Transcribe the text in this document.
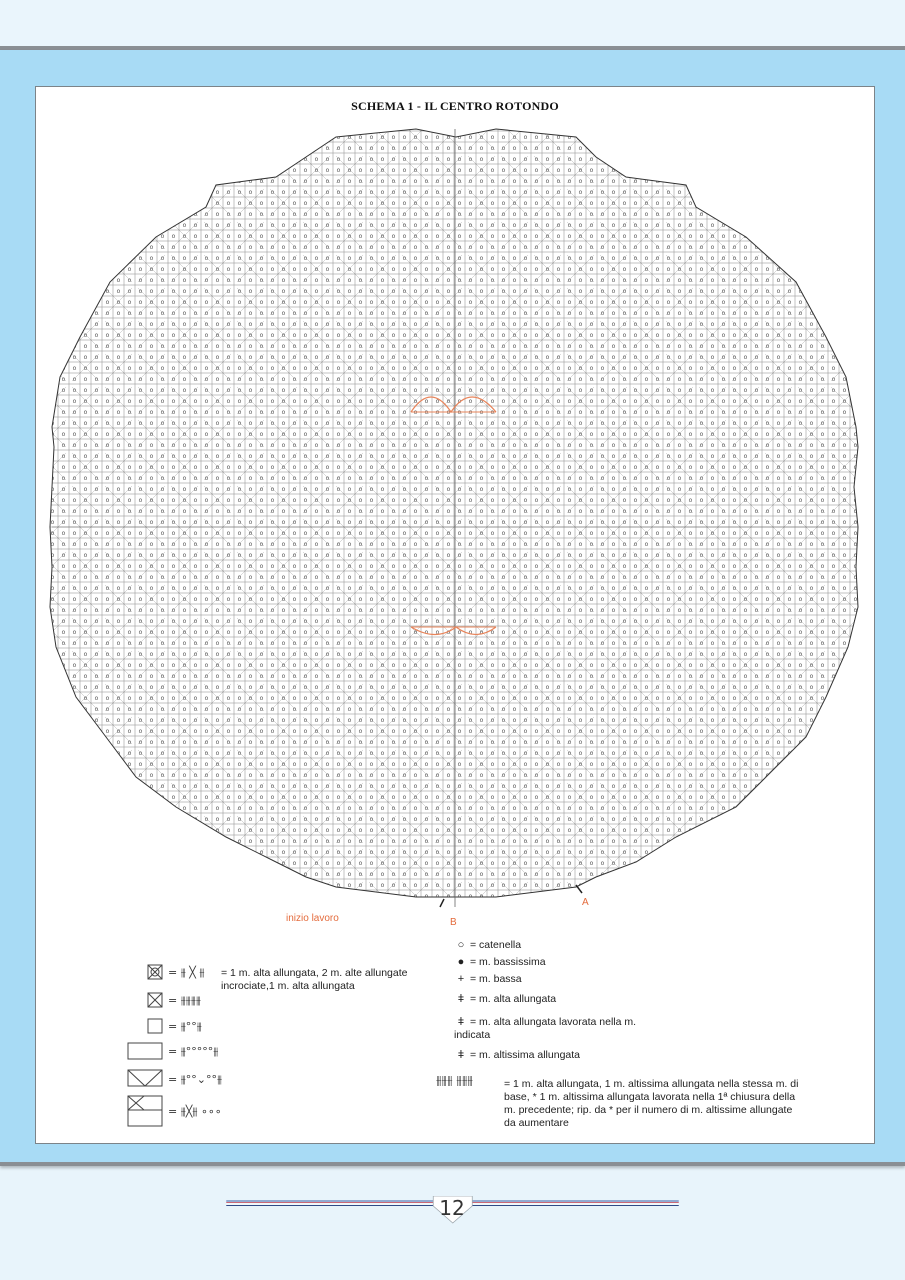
SCHEMA 1 - IL CENTRO ROTONDO
= ⫵ ╳ ⫵
= ⫵⫵⫵⫵
= ⫵°°⫵
= ⫵°°°°°⫵
= ⫵°°⌄°°⫵
= ⫵╳⫵ ∘∘∘
⫵⫵⫵ ⫵⫵⫵
inizio lavoro	B
A
= 1 m. alta allungata, 2 m. alte allungate incrociate,1 m. alta allungata
○ = catenella
● = m. bassissima
+ = m. bassa
ǂ = m. alta allungata
ǂ = m. alta allungata lavorata nella m. indicata
ǂ = m. altissima allungata
= 1 m. alta allungata, 1 m. altissima allungata nella stessa m. di base, * 1 m. altissima allungata lavorata nella 1ª chiusura della m. precedente; rip. da * per il numero di m. altissime allungate da aumentare
12
